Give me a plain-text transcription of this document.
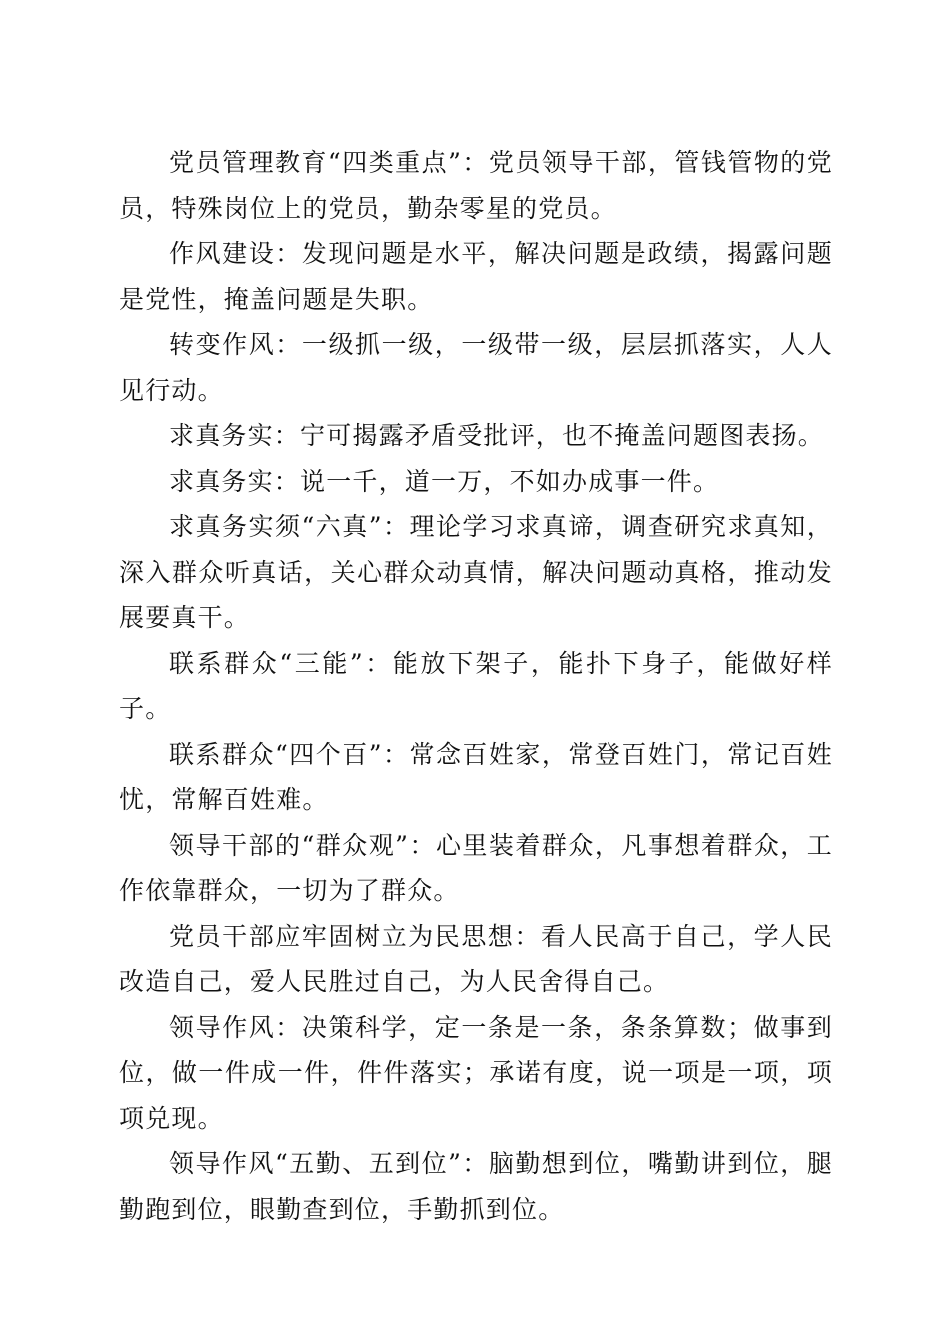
党员管理教育“四类重点”：党员领导干部，管钱管物的党员，特殊岗位上的党员，勤杂零星的党员。

作风建设：发现问题是水平，解决问题是政绩，揭露问题是党性，掩盖问题是失职。

转变作风：一级抓一级，一级带一级，层层抓落实，人人见行动。

求真务实：宁可揭露矛盾受批评，也不掩盖问题图表扬。

求真务实：说一千，道一万，不如办成事一件。

求真务实须“六真”：理论学习求真谛，调查研究求真知，深入群众听真话，关心群众动真情，解决问题动真格，推动发展要真干。

联系群众“三能”：能放下架子，能扑下身子，能做好样子。

联系群众“四个百”：常念百姓家，常登百姓门，常记百姓忧，常解百姓难。

领导干部的“群众观”：心里装着群众，凡事想着群众，工作依靠群众，一切为了群众。

党员干部应牢固树立为民思想：看人民高于自己，学人民改造自己，爱人民胜过自己，为人民舍得自己。

领导作风：决策科学，定一条是一条，条条算数；做事到位，做一件成一件，件件落实；承诺有度，说一项是一项，项项兑现。

领导作风“五勤、五到位”：脑勤想到位，嘴勤讲到位，腿勤跑到位，眼勤查到位，手勤抓到位。
